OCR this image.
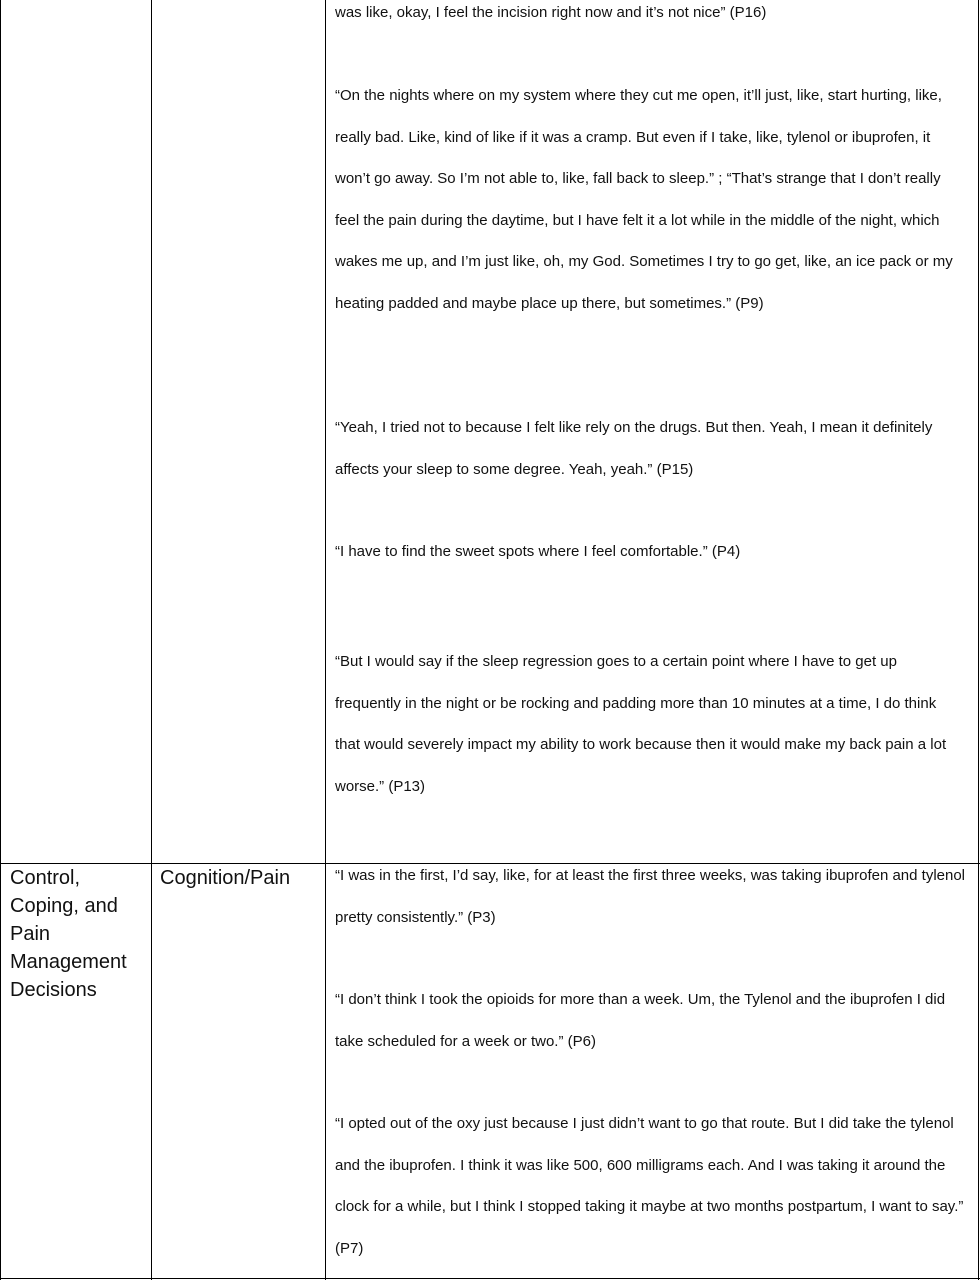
was like, okay, I feel the incision right now and it’s not nice” (P16)
“On the nights where on my system where they cut me open, it’ll just, like, start hurting, like, really bad. Like, kind of like if it was a cramp. But even if I take, like, tylenol or ibuprofen, it won’t go away. So I’m not able to, like, fall back to sleep.” ; “That’s strange that I don’t really feel the pain during the daytime, but I have felt it a lot while in the middle of the night, which wakes me up, and I’m just like, oh, my God. Sometimes I try to go get, like, an ice pack or my heating padded and maybe place up there, but sometimes.” (P9)
“Yeah, I tried not to because I felt like rely on the drugs. But then. Yeah, I mean it definitely affects your sleep to some degree. Yeah, yeah.” (P15)
“I have to find the sweet spots where I feel comfortable.” (P4)
“But I would say if the sleep regression goes to a certain point where I have to get up frequently in the night or be rocking and padding more than 10 minutes at a time, I do think that would severely impact my ability to work because then it would make my back pain a lot worse.” (P13)
Control, Coping, and Pain Management Decisions
Cognition/Pain	“I was in the first, I’d say, like, for at least the first three weeks, was taking ibuprofen and tylenol pretty consistently.” (P3)
“I don’t think I took the opioids for more than a week. Um, the Tylenol and the ibuprofen I did take scheduled for a week or two.” (P6)
“I opted out of the oxy just because I just didn’t want to go that route. But I did take the tylenol and the ibuprofen. I think it was like 500, 600 milligrams each. And I was taking it around the clock for a while, but I think I stopped taking it maybe at two months postpartum, I want to say.” (P7)
